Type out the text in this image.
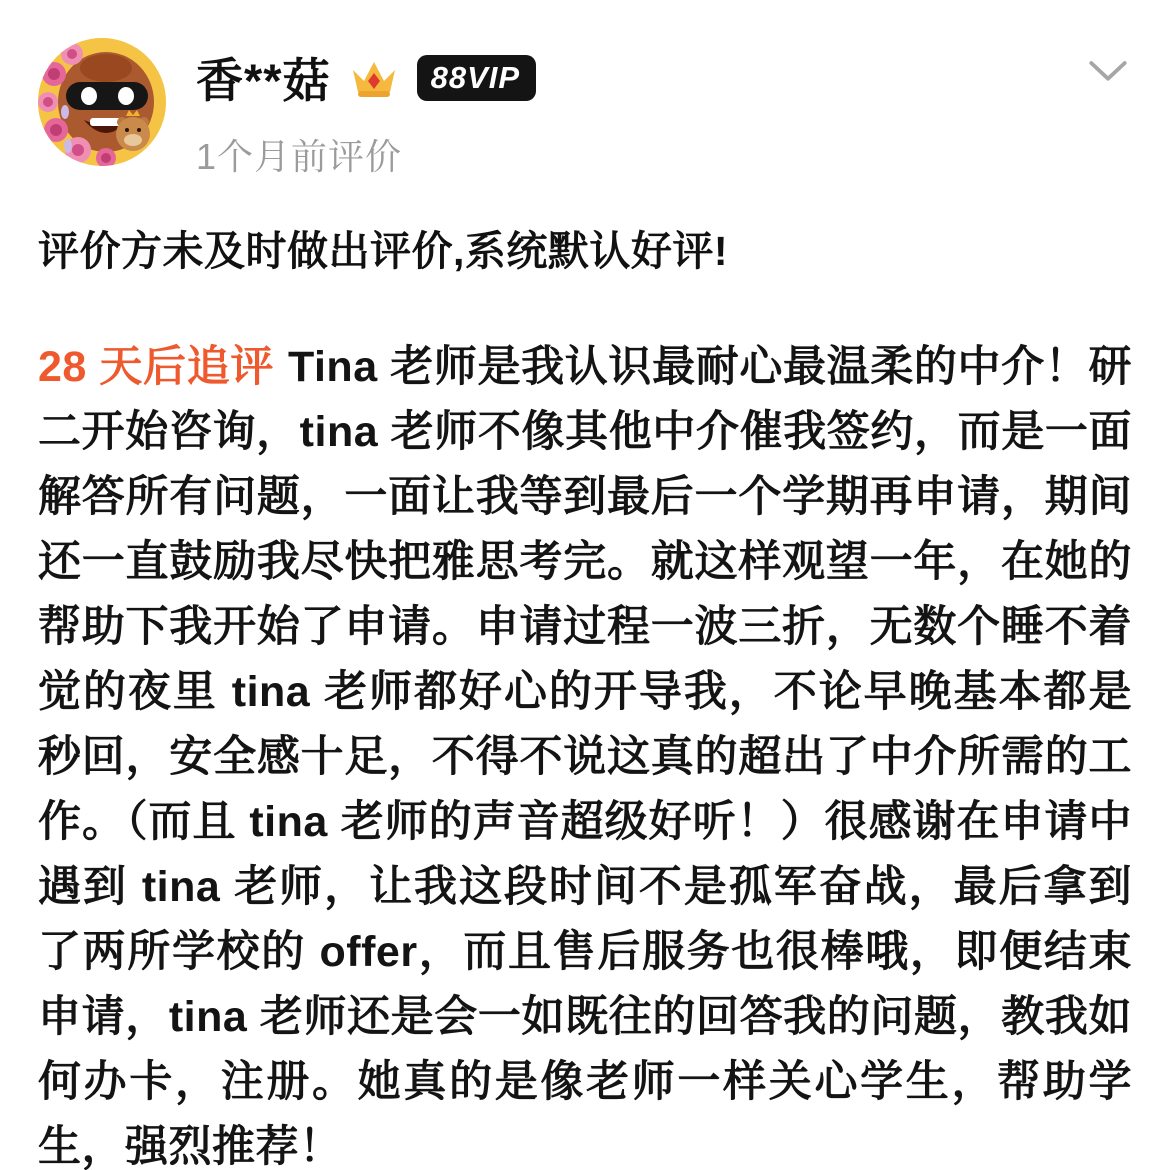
香**菇	88VIP
1个月前评价
评价方未及时做出评价,系统默认好评!

28 天后追评 Tina 老师是我认识最耐心最温柔的中介！研二开始咨询，tina 老师不像其他中介催我签约，而是一面解答所有问题，一面让我等到最后一个学期再申请，期间还一直鼓励我尽快把雅思考完。就这样观望一年，在她的帮助下我开始了申请。申请过程一波三折，无数个睡不着觉的夜里 tina 老师都好心的开导我，不论早晚基本都是秒回，安全感十足，不得不说这真的超出了中介所需的工作。（而且 tina 老师的声音超级好听！）很感谢在申请中遇到 tina 老师，让我这段时间不是孤军奋战，最后拿到了两所学校的 offer，而且售后服务也很棒哦，即便结束申请，tina 老师还是会一如既往的回答我的问题，教我如何办卡，注册。她真的是像老师一样关心学生，帮助学生，强烈推荐！
